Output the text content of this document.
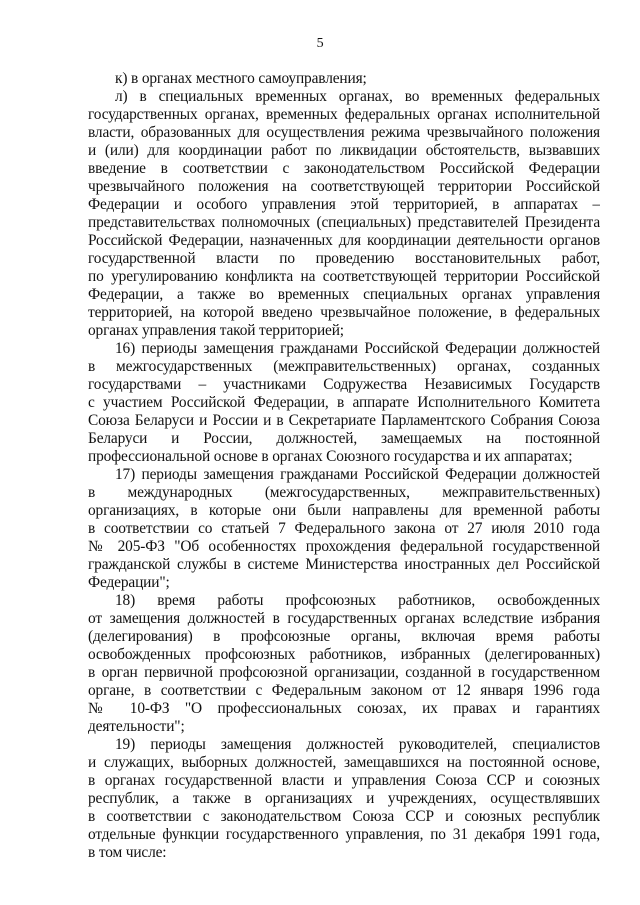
5
к) в органах местного самоуправления;
л) в специальных временных органах, во временных федеральных
государственных органах, временных федеральных органах исполнительной
власти, образованных для осуществления режима чрезвычайного положения
и (или) для координации работ по ликвидации обстоятельств, вызвавших
введение в соответствии с законодательством Российской Федерации
чрезвычайного положения на соответствующей территории Российской
Федерации и особого управления этой территорией, в аппаратах –
представительствах полномочных (специальных) представителей Президента
Российской Федерации, назначенных для координации деятельности органов
государственной власти по проведению восстановительных работ,
по урегулированию конфликта на соответствующей территории Российской
Федерации, а также во временных специальных органах управления
территорией, на которой введено чрезвычайное положение, в федеральных
органах управления такой территорией;
16) периоды замещения гражданами Российской Федерации должностей
в межгосударственных (межправительственных) органах, созданных
государствами – участниками Содружества Независимых Государств
с участием Российской Федерации, в аппарате Исполнительного Комитета
Союза Беларуси и России и в Секретариате Парламентского Собрания Союза
Беларуси и России, должностей, замещаемых на постоянной
профессиональной основе в органах Союзного государства и их аппаратах;
17) периоды замещения гражданами Российской Федерации должностей
в международных (межгосударственных, межправительственных)
организациях, в которые они были направлены для временной работы
в соответствии со статьей 7 Федерального закона от 27 июля 2010 года
№ 205-ФЗ "Об особенностях прохождения федеральной государственной
гражданской службы в системе Министерства иностранных дел Российской
Федерации";
18) время работы профсоюзных работников, освобожденных
от замещения должностей в государственных органах вследствие избрания
(делегирования) в профсоюзные органы, включая время работы
освобожденных профсоюзных работников, избранных (делегированных)
в орган первичной профсоюзной организации, созданной в государственном
органе, в соответствии с Федеральным законом от 12 января 1996 года
№ 10-ФЗ "О профессиональных союзах, их правах и гарантиях
деятельности";
19) периоды замещения должностей руководителей, специалистов
и служащих, выборных должностей, замещавшихся на постоянной основе,
в органах государственной власти и управления Союза ССР и союзных
республик, а также в организациях и учреждениях, осуществлявших
в соответствии с законодательством Союза ССР и союзных республик
отдельные функции государственного управления, по 31 декабря 1991 года,
в том числе:
